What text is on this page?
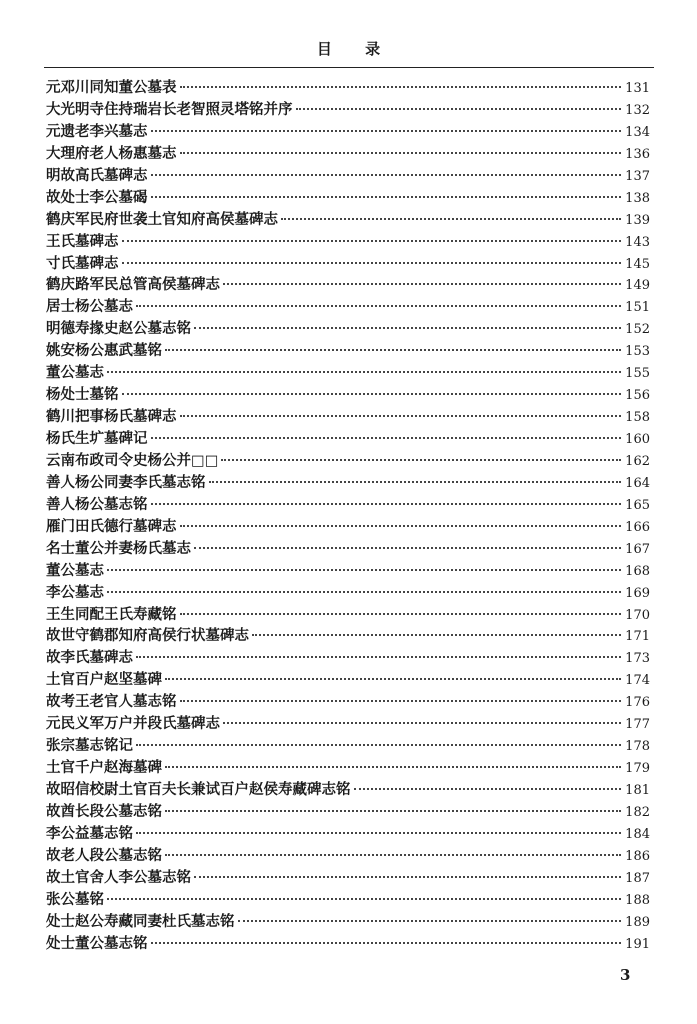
目 录
元邓川同知董公墓表	131
大光明寺住持瑞岩长老智照灵塔铭并序	132
元遗老李兴墓志	134
大理府老人杨惠墓志	136
明故高氏墓碑志	137
故处士李公墓碣	138
鹤庆军民府世袭土官知府高侯墓碑志	139
王氏墓碑志	143
寸氏墓碑志	145
鹤庆路军民总管高侯墓碑志	149
居士杨公墓志	151
明德寿掾史赵公墓志铭	152
姚安杨公惠武墓铭	153
董公墓志	155
杨处士墓铭	156
鹤川把事杨氏墓碑志	158
杨氏生圹墓碑记	160
云南布政司令史杨公并□□	162
善人杨公同妻李氏墓志铭	164
善人杨公墓志铭	165
雁门田氏德行墓碑志	166
名士董公并妻杨氏墓志	167
董公墓志	168
李公墓志	169
王生同配王氏寿藏铭	170
故世守鹤郡知府高侯行状墓碑志	171
故李氏墓碑志	173
土官百户赵坚墓碑	174
故考王老官人墓志铭	176
元民义军万户并段氏墓碑志	177
张宗墓志铭记	178
土官千户赵海墓碑	179
故昭信校尉土官百夫长兼试百户赵侯寿藏碑志铭	181
故酋长段公墓志铭	182
李公益墓志铭	184
故老人段公墓志铭	186
故土官舍人李公墓志铭	187
张公墓铭	188
处士赵公寿藏同妻杜氏墓志铭	189
处士董公墓志铭	191
3
